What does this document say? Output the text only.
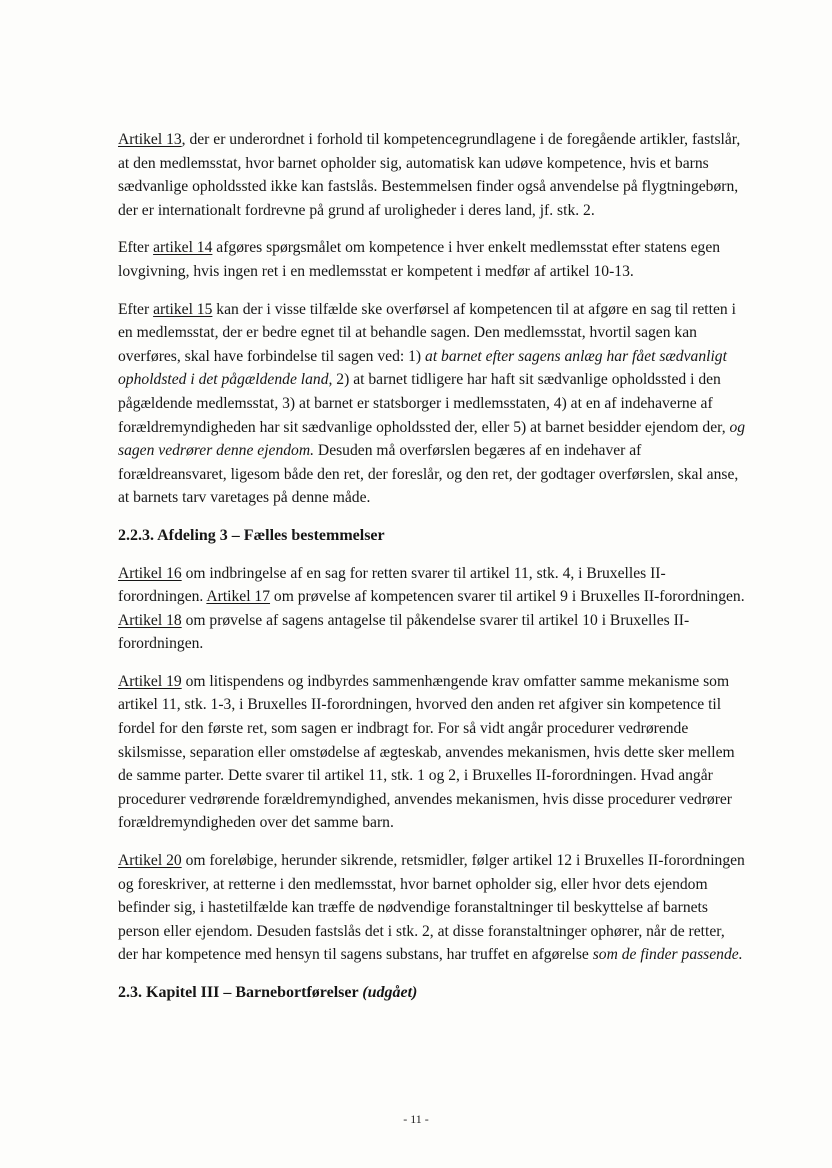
Artikel 13, der er underordnet i forhold til kompetencegrundlagene i de foregående artikler, fastslår, at den medlemsstat, hvor barnet opholder sig, automatisk kan udøve kompetence, hvis et barns sædvanlige opholdssted ikke kan fastslås. Bestemmelsen finder også anvendelse på flygtningebørn, der er internationalt fordrevne på grund af uroligheder i deres land, jf. stk. 2.

Efter artikel 14 afgøres spørgsmålet om kompetence i hver enkelt medlemsstat efter statens egen lovgivning, hvis ingen ret i en medlemsstat er kompetent i medfør af artikel 10-13.

Efter artikel 15 kan der i visse tilfælde ske overførsel af kompetencen til at afgøre en sag til retten i en medlemsstat, der er bedre egnet til at behandle sagen. Den medlemsstat, hvortil sagen kan overføres, skal have forbindelse til sagen ved: 1) at barnet efter sagens anlæg har fået sædvanligt opholdsted i det pågældende land, 2) at barnet tidligere har haft sit sædvanlige opholdssted i den pågældende medlemsstat, 3) at barnet er statsborger i medlemsstaten, 4) at en af indehaverne af forældremyndigheden har sit sædvanlige opholdssted der, eller 5) at barnet besidder ejendom der, og sagen vedrører denne ejendom. Desuden må overførslen begæres af en indehaver af forældreansvaret, ligesom både den ret, der foreslår, og den ret, der godtager overførslen, skal anse, at barnets tarv varetages på denne måde.

2.2.3. Afdeling 3 – Fælles bestemmelser

Artikel 16 om indbringelse af en sag for retten svarer til artikel 11, stk. 4, i Bruxelles II-forordningen. Artikel 17 om prøvelse af kompetencen svarer til artikel 9 i Bruxelles II-forordningen. Artikel 18 om prøvelse af sagens antagelse til påkendelse svarer til artikel 10 i Bruxelles II-forordningen.

Artikel 19 om litispendens og indbyrdes sammenhængende krav omfatter samme mekanisme som artikel 11, stk. 1-3, i Bruxelles II-forordningen, hvorved den anden ret afgiver sin kompetence til fordel for den første ret, som sagen er indbragt for. For så vidt angår procedurer vedrørende skilsmisse, separation eller omstødelse af ægteskab, anvendes mekanismen, hvis dette sker mellem de samme parter. Dette svarer til artikel 11, stk. 1 og 2, i Bruxelles II-forordningen. Hvad angår procedurer vedrørende forældremyndighed, anvendes mekanismen, hvis disse procedurer vedrører forældremyndigheden over det samme barn.

Artikel 20 om foreløbige, herunder sikrende, retsmidler, følger artikel 12 i Bruxelles II-forordningen og foreskriver, at retterne i den medlemsstat, hvor barnet opholder sig, eller hvor dets ejendom befinder sig, i hastetilfælde kan træffe de nødvendige foranstaltninger til beskyttelse af barnets person eller ejendom. Desuden fastslås det i stk. 2, at disse foranstaltninger ophører, når de retter, der har kompetence med hensyn til sagens substans, har truffet en afgørelse som de finder passende.

2.3. Kapitel III – Barnebortførelser (udgået)
- 11 -
